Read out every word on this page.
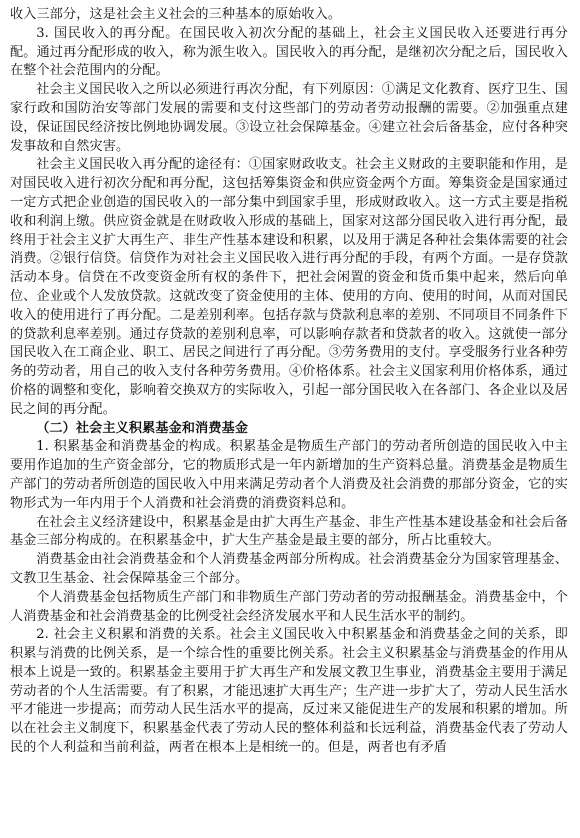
收入三部分，这是社会主义社会的三种基本的原始收入。

3. 国民收入的再分配。在国民收入初次分配的基础上，社会主义国民收入还要进行再分配。通过再分配形成的收入，称为派生收入。国民收入的再分配，是继初次分配之后，国民收入在整个社会范围内的分配。

社会主义国民收入之所以必须进行再次分配，有下列原因：①满足文化教育、医疗卫生、国家行政和国防治安等部门发展的需要和支付这些部门的劳动者劳动报酬的需要。②加强重点建设，保证国民经济按比例地协调发展。③设立社会保障基金。④建立社会后备基金，应付各种突发事故和自然灾害。

社会主义国民收入再分配的途径有：①国家财政收支。社会主义财政的主要职能和作用，是对国民收入进行初次分配和再分配，这包括筹集资金和供应资金两个方面。筹集资金是国家通过一定方式把企业创造的国民收入的一部分集中到国家手里，形成财政收入。这一方式主要是指税收和利润上缴。供应资金就是在财政收入形成的基础上，国家对这部分国民收入进行再分配，最终用于社会主义扩大再生产、非生产性基本建设和积累，以及用于满足各种社会集体需要的社会消费。②银行信贷。信贷作为对社会主义国民收入进行再分配的手段，有两个方面。一是存贷款活动本身。信贷在不改变资金所有权的条件下，把社会闲置的资金和货币集中起来，然后向单位、企业或个人发放贷款。这就改变了资金使用的主体、使用的方向、使用的时间，从而对国民收入的使用进行了再分配。二是差别利率。包括存款与贷款利息率的差别、不同项目不同条件下的贷款利息率差别。通过存贷款的差别利息率，可以影响存款者和贷款者的收入。这就使一部分国民收入在工商企业、职工、居民之间进行了再分配。③劳务费用的支付。享受服务行业各种劳务的劳动者，用自己的收入支付各种劳务费用。④价格体系。社会主义国家利用价格体系，通过价格的调整和变化，影响着交换双方的实际收入，引起一部分国民收入在各部门、各企业以及居民之间的再分配。

（二）社会主义积累基金和消费基金

1. 积累基金和消费基金的构成。积累基金是物质生产部门的劳动者所创造的国民收入中主要用作追加的生产资金部分，它的物质形式是一年内新增加的生产资料总量。消费基金是物质生产部门的劳动者所创造的国民收入中用来满足劳动者个人消费及社会消费的那部分资金，它的实物形式为一年内用于个人消费和社会消费的消费资料总和。

在社会主义经济建设中，积累基金是由扩大再生产基金、非生产性基本建设基金和社会后备基金三部分构成的。在积累基金中，扩大生产基金是最主要的部分，所占比重较大。

消费基金由社会消费基金和个人消费基金两部分所构成。社会消费基金分为国家管理基金、文教卫生基金、社会保障基金三个部分。

个人消费基金包括物质生产部门和非物质生产部门劳动者的劳动报酬基金。消费基金中，个人消费基金和社会消费基金的比例受社会经济发展水平和人民生活水平的制约。

2. 社会主义积累和消费的关系。社会主义国民收入中积累基金和消费基金之间的关系，即积累与消费的比例关系，是一个综合性的重要比例关系。社会主义积累基金与消费基金的作用从根本上说是一致的。积累基金主要用于扩大再生产和发展文教卫生事业，消费基金主要用于满足劳动者的个人生活需要。有了积累，才能迅速扩大再生产；生产进一步扩大了，劳动人民生活水平才能进一步提高；而劳动人民生活水平的提高，反过来又能促进生产的发展和积累的增加。所以在社会主义制度下，积累基金代表了劳动人民的整体利益和长远利益，消费基金代表了劳动人民的个人利益和当前利益，两者在根本上是相统一的。但是，两者也有矛盾
